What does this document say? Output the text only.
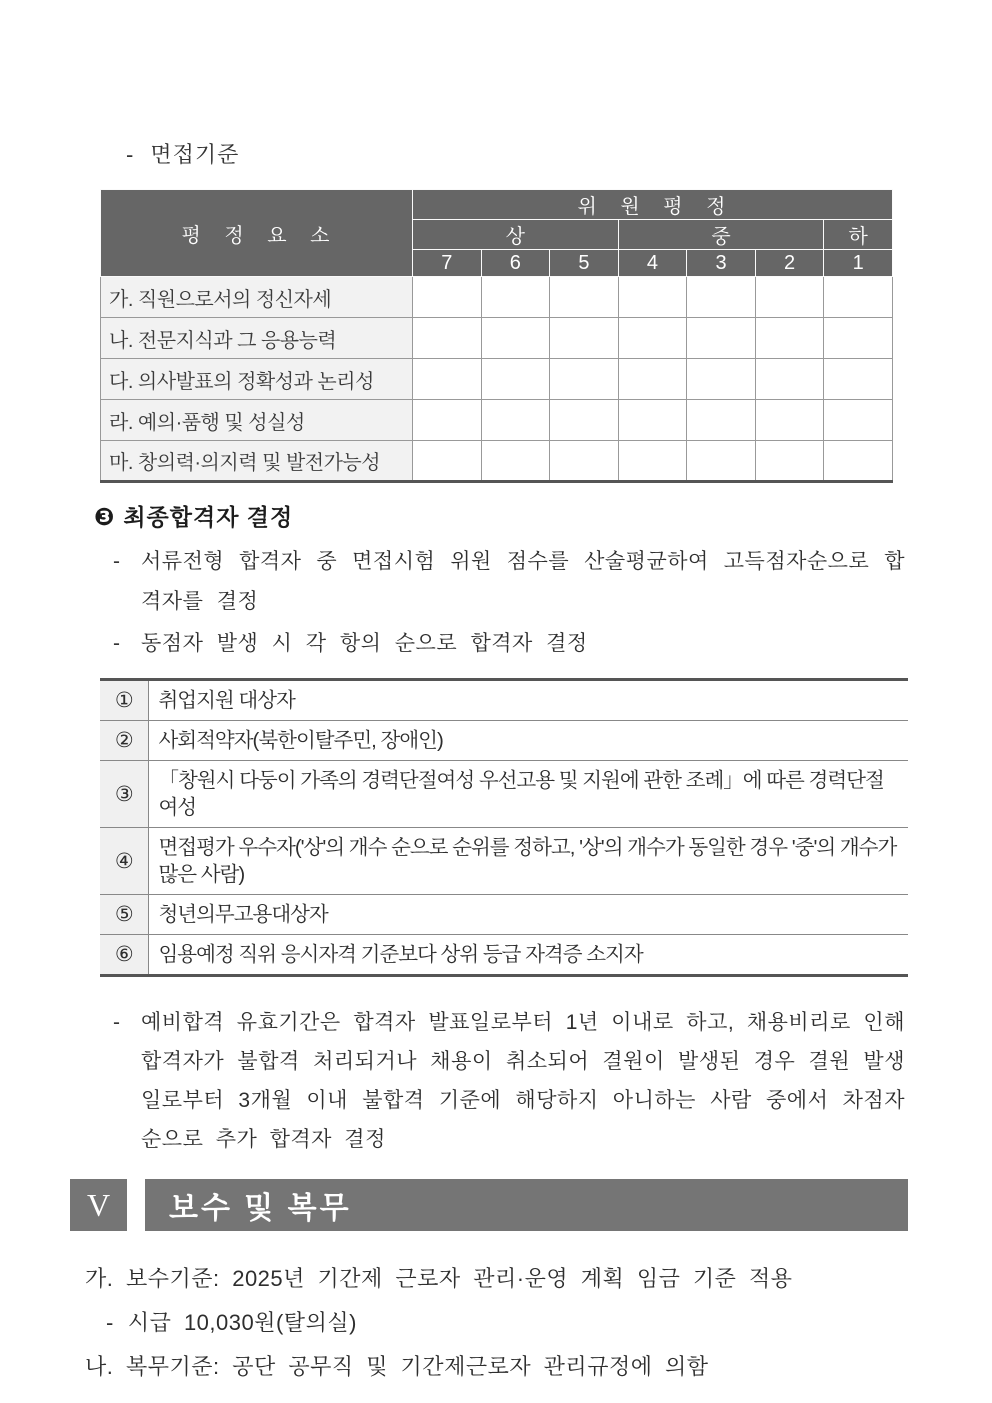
- 면접기준
평 정 요 소	위 원 평 정						
	상			중			하
	7	6	5	4	3	2	1
가. 직원으로서의 정신자세							
나. 전문지식과 그 응용능력							
다. 의사발표의 정확성과 논리성							
라. 예의·품행 및 성실성							
마. 창의력·의지력 및 발전가능성							
❸ 최종합격자 결정
-	서류전형 합격자 중 면접시험 위원 점수를 산술평균하여 고득점자순으로 합격자를 결정
-	동점자 발생 시 각 항의 순으로 합격자 결정
①	취업지원 대상자
②	사회적약자(북한이탈주민, 장애인)
③	「창원시 다둥이 가족의 경력단절여성 우선고용 및 지원에 관한 조례」에 따른 경력단절 여성
④	면접평가 우수자('상'의 개수 순으로 순위를 정하고, '상'의 개수가 동일한 경우 '중'의 개수가 많은 사람)
⑤	청년의무고용대상자
⑥	임용예정 직위 응시자격 기준보다 상위 등급 자격증 소지자
-	예비합격 유효기간은 합격자 발표일로부터 1년 이내로 하고, 채용비리로 인해 합격자가 불합격 처리되거나 채용이 취소되어 결원이 발생된 경우 결원 발생일로부터 3개월 이내 불합격 기준에 해당하지 아니하는 사람 중에서 차점자 순으로 추가 합격자 결정
V	보수 및 복무
가. 보수기준: 2025년 기간제 근로자 관리·운영 계획 임금 기준 적용
- 시급 10,030원(탈의실)
나. 복무기준: 공단 공무직 및 기간제근로자 관리규정에 의함
